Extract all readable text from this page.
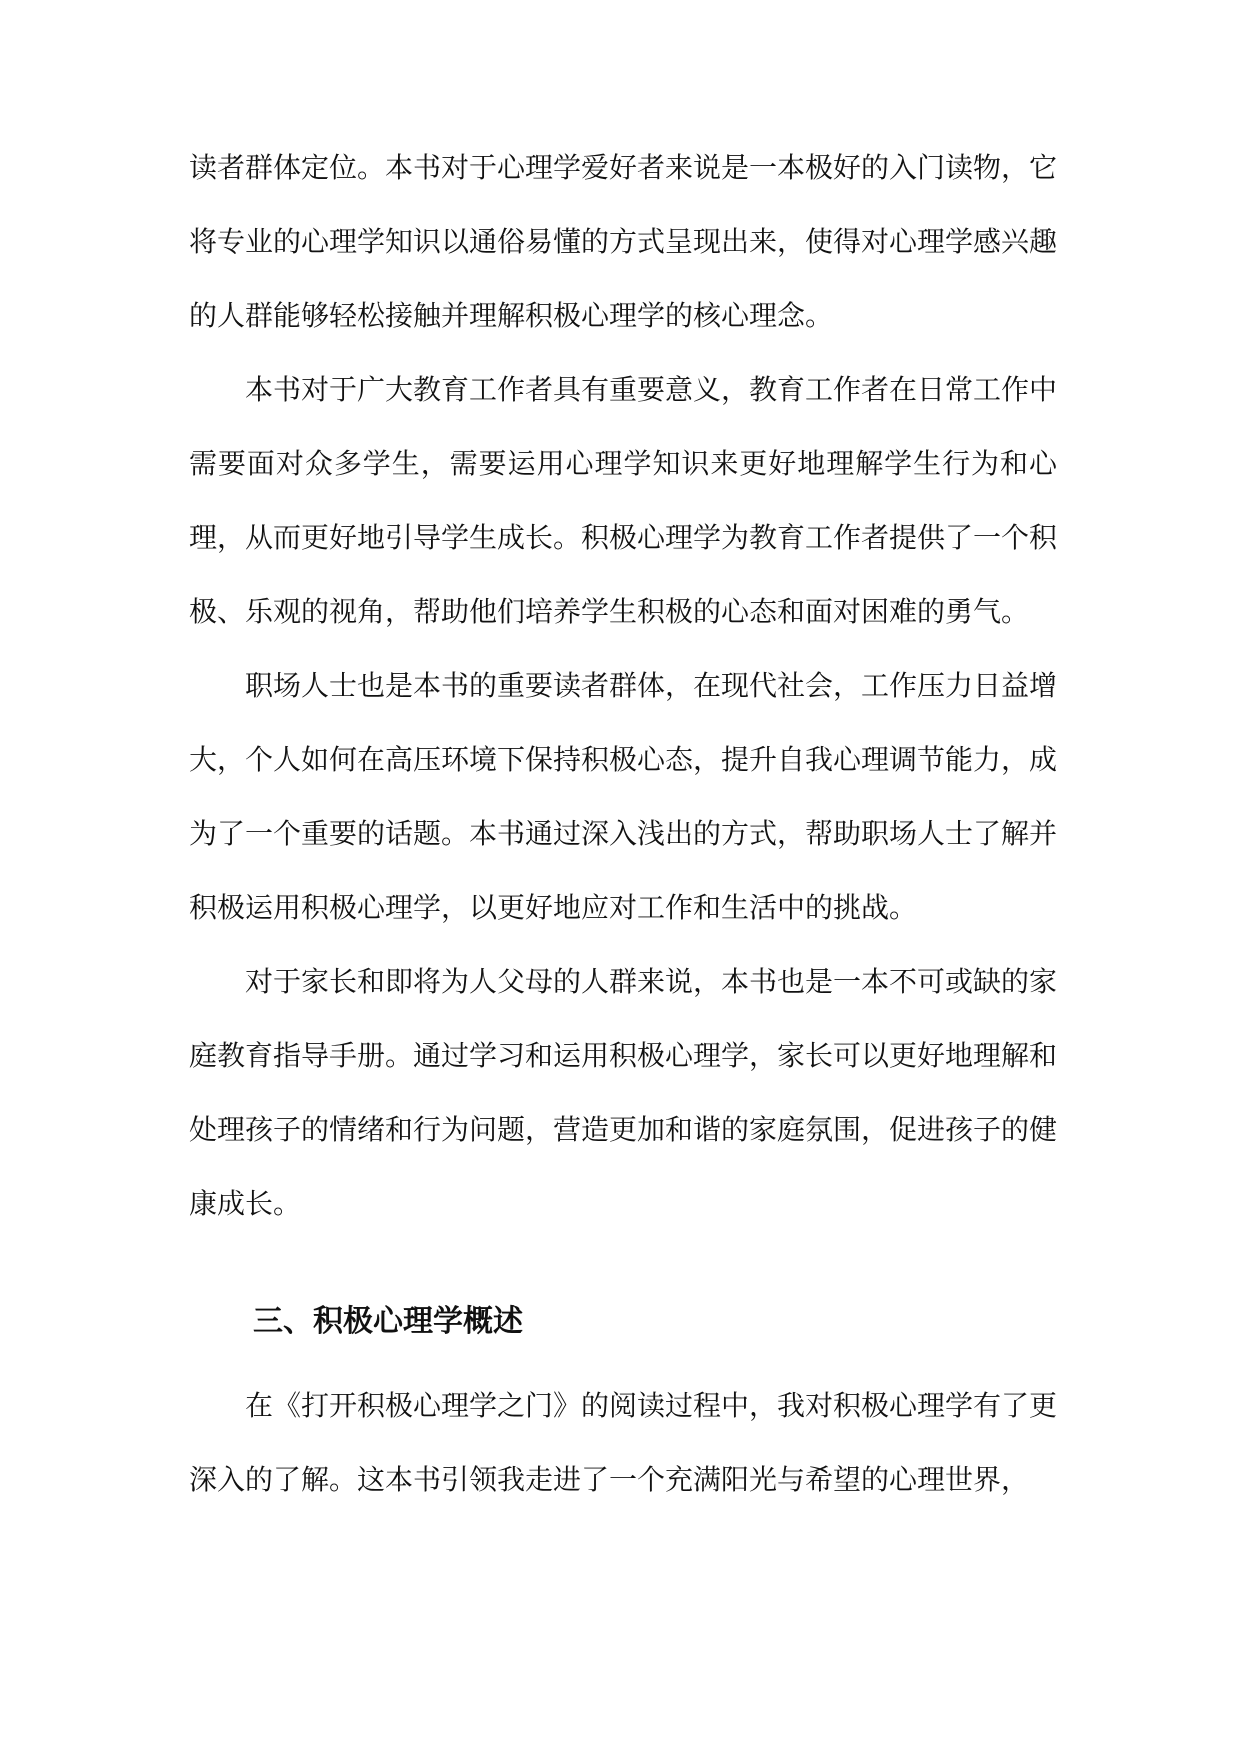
读者群体定位。本书对于心理学爱好者来说是一本极好的入门读物，它将专业的心理学知识以通俗易懂的方式呈现出来，使得对心理学感兴趣的人群能够轻松接触并理解积极心理学的核心理念。

本书对于广大教育工作者具有重要意义，教育工作者在日常工作中需要面对众多学生，需要运用心理学知识来更好地理解学生行为和心理，从而更好地引导学生成长。积极心理学为教育工作者提供了一个积极、乐观的视角，帮助他们培养学生积极的心态和面对困难的勇气。

职场人士也是本书的重要读者群体，在现代社会，工作压力日益增大，个人如何在高压环境下保持积极心态，提升自我心理调节能力，成为了一个重要的话题。本书通过深入浅出的方式，帮助职场人士了解并积极运用积极心理学，以更好地应对工作和生活中的挑战。

对于家长和即将为人父母的人群来说，本书也是一本不可或缺的家庭教育指导手册。通过学习和运用积极心理学，家长可以更好地理解和处理孩子的情绪和行为问题，营造更加和谐的家庭氛围，促进孩子的健康成长。

三、积极心理学概述

在《打开积极心理学之门》的阅读过程中，我对积极心理学有了更深入的了解。这本书引领我走进了一个充满阳光与希望的心理世界，
